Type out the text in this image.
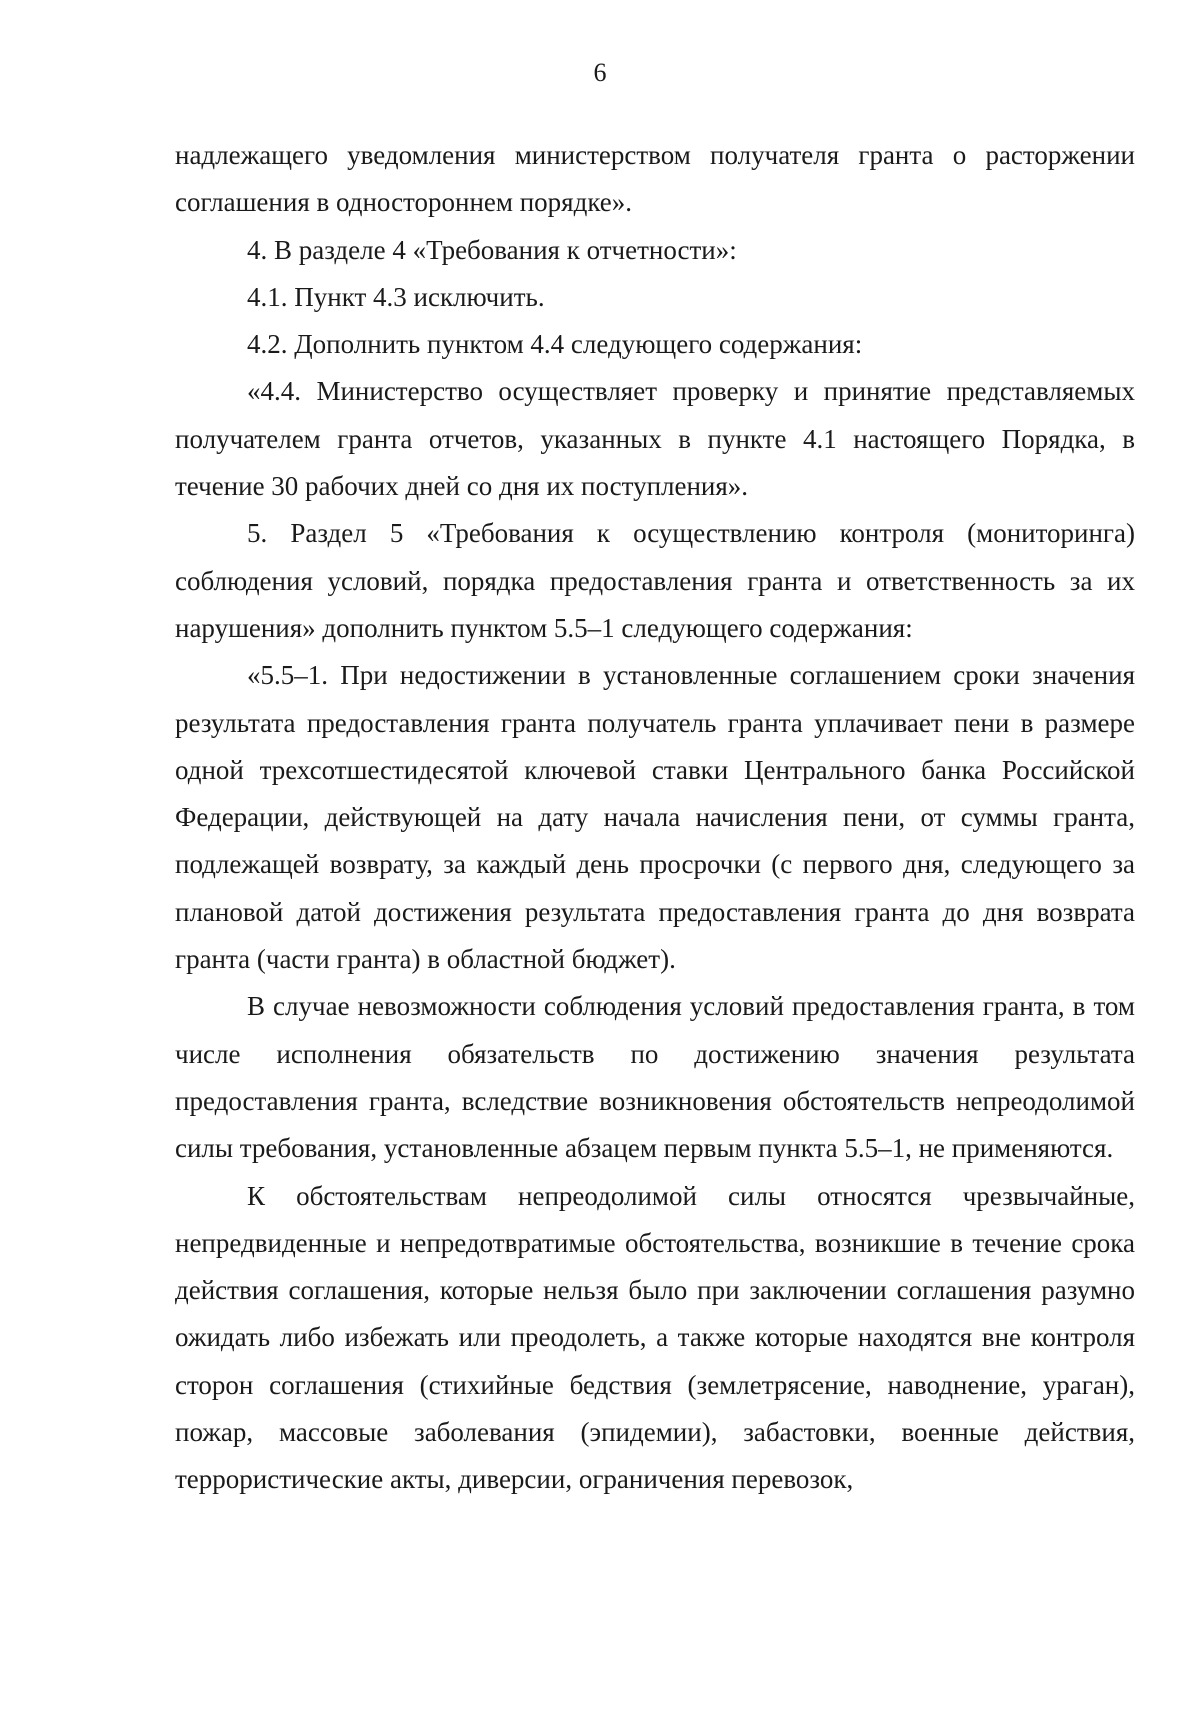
6

надлежащего уведомления министерством получателя гранта о расторжении соглашения в одностороннем порядке».

4. В разделе 4 «Требования к отчетности»:

4.1. Пункт 4.3 исключить.

4.2. Дополнить пунктом 4.4 следующего содержания:

«4.4. Министерство осуществляет проверку и принятие представляемых получателем гранта отчетов, указанных в пункте 4.1 настоящего Порядка, в течение 30 рабочих дней со дня их поступления».

5. Раздел 5 «Требования к осуществлению контроля (мониторинга) соблюдения условий, порядка предоставления гранта и ответственность за их нарушения» дополнить пунктом 5.5–1 следующего содержания:

«5.5–1. При недостижении в установленные соглашением сроки значения результата предоставления гранта получатель гранта уплачивает пени в размере одной трехсотшестидесятой ключевой ставки Центрального банка Российской Федерации, действующей на дату начала начисления пени, от суммы гранта, подлежащей возврату, за каждый день просрочки (с первого дня, следующего за плановой датой достижения результата предоставления гранта до дня возврата гранта (части гранта) в областной бюджет).

В случае невозможности соблюдения условий предоставления гранта, в том числе исполнения обязательств по достижению значения результата предоставления гранта, вследствие возникновения обстоятельств непреодолимой силы требования, установленные абзацем первым пункта 5.5–1, не применяются.

К обстоятельствам непреодолимой силы относятся чрезвычайные, непредвиденные и непредотвратимые обстоятельства, возникшие в течение срока действия соглашения, которые нельзя было при заключении соглашения разумно ожидать либо избежать или преодолеть, а также которые находятся вне контроля сторон соглашения (стихийные бедствия (землетрясение, наводнение, ураган), пожар, массовые заболевания (эпидемии), забастовки, военные действия, террористические акты, диверсии, ограничения перевозок,
